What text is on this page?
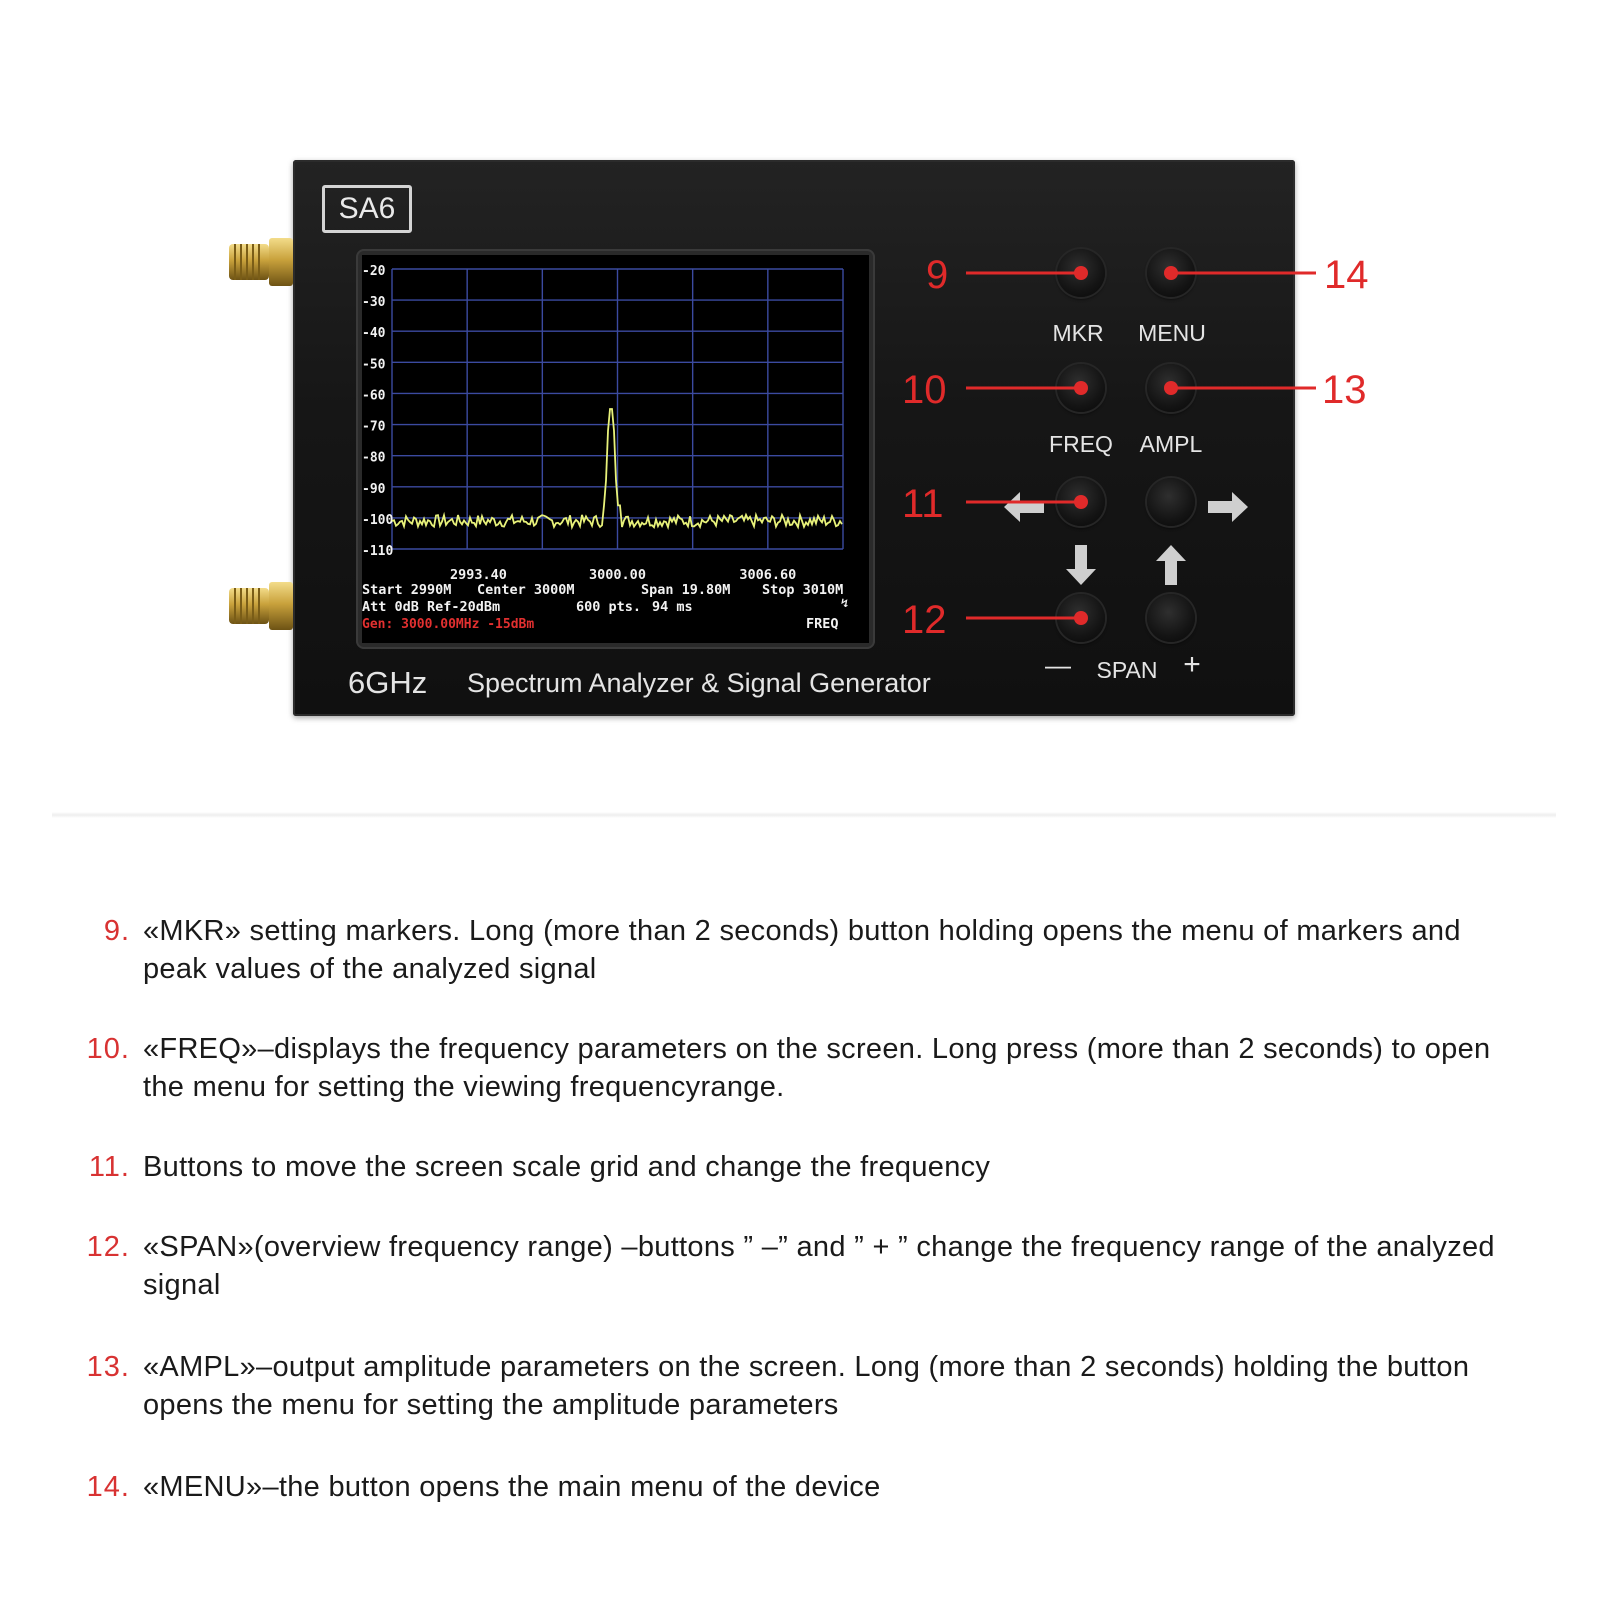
SA6
-20
-30
-40
-50
-60
-70
-80
-90
-100
-110
2993.40	3000.00	3006.60
Start 2990M Center 3000M	Span 19.80M Stop 3010M
Att 0dB Ref-20dBm	600 pts. 94 ms	↯
Gen: 3000.00MHz -15dBm	FREQ
6GHz Spectrum Analyzer & Signal Generator
MKR MENU
FREQ AMPL
SPAN
—	+
9	14
10	13
11
12
9. «MKR» setting markers. Long (more than 2 seconds) button holding opens the menu of markers and peak values of the analyzed signal
10. «FREQ»–displays the frequency parameters on the screen. Long press (more than 2 seconds) to open the menu for setting the viewing frequencyrange.
11. Buttons to move the screen scale grid and change the frequency
12. «SPAN»(overview frequency range) –buttons ” –” and ” + ” change the frequency range of the analyzed signal
13. «AMPL»–output amplitude parameters on the screen. Long (more than 2 seconds) holding the button opens the menu for setting the amplitude parameters
14. «MENU»–the button opens the main menu of the device
